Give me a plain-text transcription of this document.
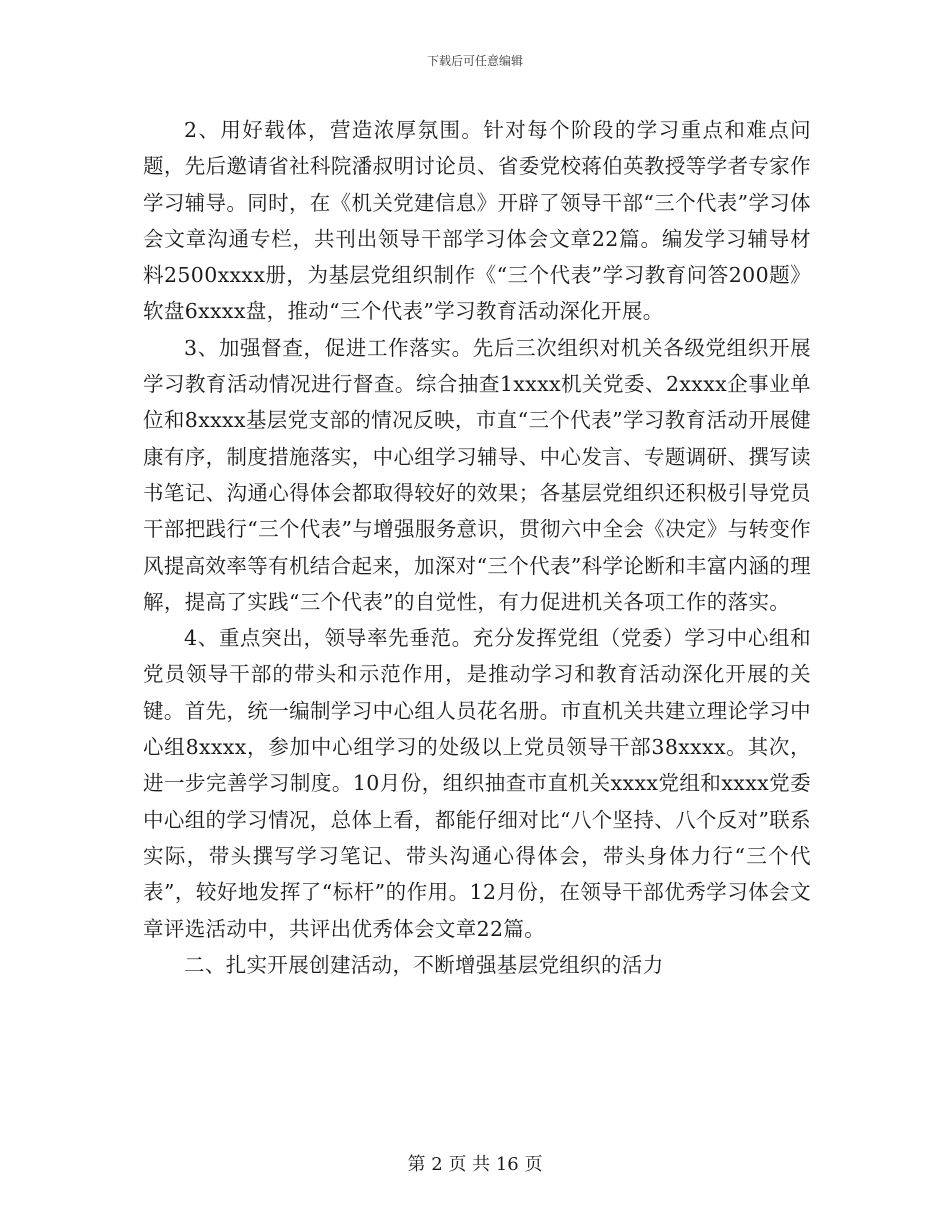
下载后可任意编辑

2、用好载体，营造浓厚氛围。针对每个阶段的学习重点和难点问题，先后邀请省社科院潘叔明讨论员、省委党校蒋伯英教授等学者专家作学习辅导。同时，在《机关党建信息》开辟了领导干部“三个代表”学习体会文章沟通专栏，共刊出领导干部学习体会文章22篇。编发学习辅导材料2500xxxx册，为基层党组织制作《“三个代表”学习教育问答200题》软盘6xxxx盘，推动“三个代表”学习教育活动深化开展。

3、加强督查，促进工作落实。先后三次组织对机关各级党组织开展学习教育活动情况进行督查。综合抽查1xxxx机关党委、2xxxx企事业单位和8xxxx基层党支部的情况反映，市直“三个代表”学习教育活动开展健康有序，制度措施落实，中心组学习辅导、中心发言、专题调研、撰写读书笔记、沟通心得体会都取得较好的效果；各基层党组织还积极引导党员干部把践行“三个代表”与增强服务意识，贯彻六中全会《决定》与转变作风提高效率等有机结合起来，加深对“三个代表”科学论断和丰富内涵的理解，提高了实践“三个代表”的自觉性，有力促进机关各项工作的落实。

4、重点突出，领导率先垂范。充分发挥党组（党委）学习中心组和党员领导干部的带头和示范作用，是推动学习和教育活动深化开展的关键。首先，统一编制学习中心组人员花名册。市直机关共建立理论学习中心组8xxxx，参加中心组学习的处级以上党员领导干部38xxxx。其次，进一步完善学习制度。10月份，组织抽查市直机关xxxx党组和xxxx党委中心组的学习情况，总体上看，都能仔细对比“八个坚持、八个反对”联系实际，带头撰写学习笔记、带头沟通心得体会，带头身体力行“三个代表”，较好地发挥了“标杆”的作用。12月份，在领导干部优秀学习体会文章评选活动中，共评出优秀体会文章22篇。

二、扎实开展创建活动，不断增强基层党组织的活力

第 2 页 共 16 页
